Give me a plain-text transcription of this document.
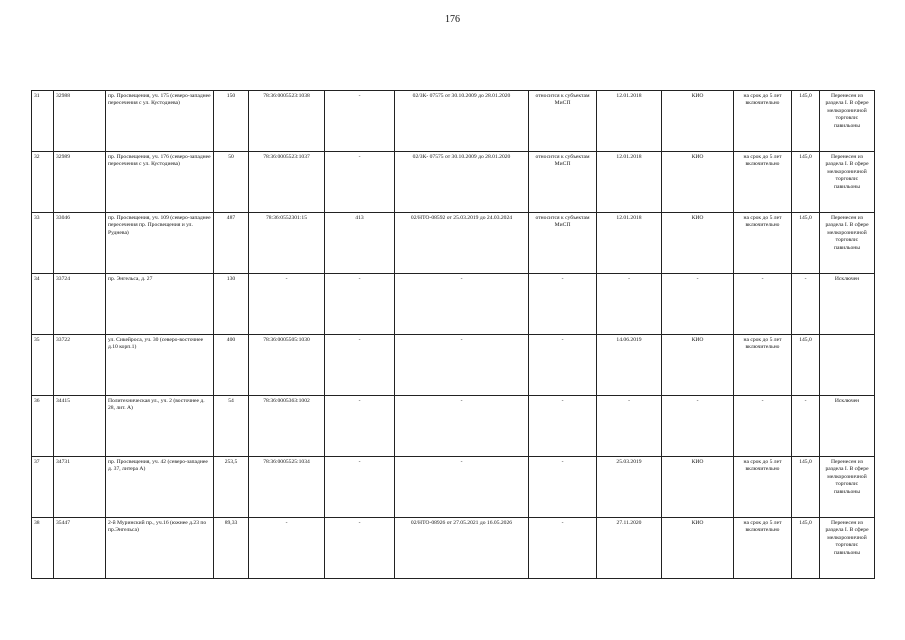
176
31	32988	пр. Просвещения, уч. 175 (северо-западнее пересечения с ул. Кустодиева)	150	78:36:0005523:1038	-	02/ЗК- 07575 от 30.10.2009 до 28.01.2020	относится к субъектам МиСП	12.01.2018	КИО	на срок до 5 лет включительно	145,0	Перенесен из раздела I. В сфере мелкорозничной торговли: павильоны
32	32989	пр. Просвещения, уч. 176 (северо-западнее пересечения с ул. Кустодиева)	50	78:36:0005523:1037	-	02/ЗК- 07575 от 30.10.2009 до 28.01.2020	относится к субъектам МиСП	12.01.2018	КИО	на срок до 5 лет включительно	145,0	Перенесен из раздела I. В сфере мелкорозничной торговли: павильоны
33	33046	пр. Просвещения, уч. 109 (северо-западнее пересечения пр. Просвещения и ул. Руднева)	487	78:36:0552301:15	413	02/НТО-08592 от 25.03.2019 до 24.03.2024	относится к субъектам МиСП	12.01.2018	КИО	на срок до 5 лет включительно	145,0	Перенесен из раздела I. В сфере мелкорозничной торговли: павильоны
34	33724	пр. Энгельса, д. 27	130	-	-	-	-	-	-	-	-	Исключен
35	33722	ул. Сикейроса, уч. 30 (северо-восточнее д.10 корп.1)	400	78:36:0005505:1030	-	-	-	14.06.2019	КИО	на срок до 5 лет включительно	145,0	
36	34415	Политехническая ул., уч. 2 (восточнее д. 28, лит. А)	54	78:36:0005363:1002	-	-	-	-	-	-	-	Исключен
37	34731	пр. Просвещения, уч. 42 (северо-западнее д. 37, литера А)	253,5	78:36:0005525:1034	-	-	-	25.03.2019	КИО	на срок до 5 лет включительно	145,0	Перенесен из раздела I. В сфере мелкорозничной торговли: павильоны
38	35447	2-й Муринский пр., уч.16 (южнее д.23 по пр.Энгельса)	89,33	-	-	02/НТО-08926 от 27.05.2021 до 16.05.2026	-	27.11.2020	КИО	на срок до 5 лет включительно	145,0	Перенесен из раздела I. В сфере мелкорозничной торговли: павильоны
